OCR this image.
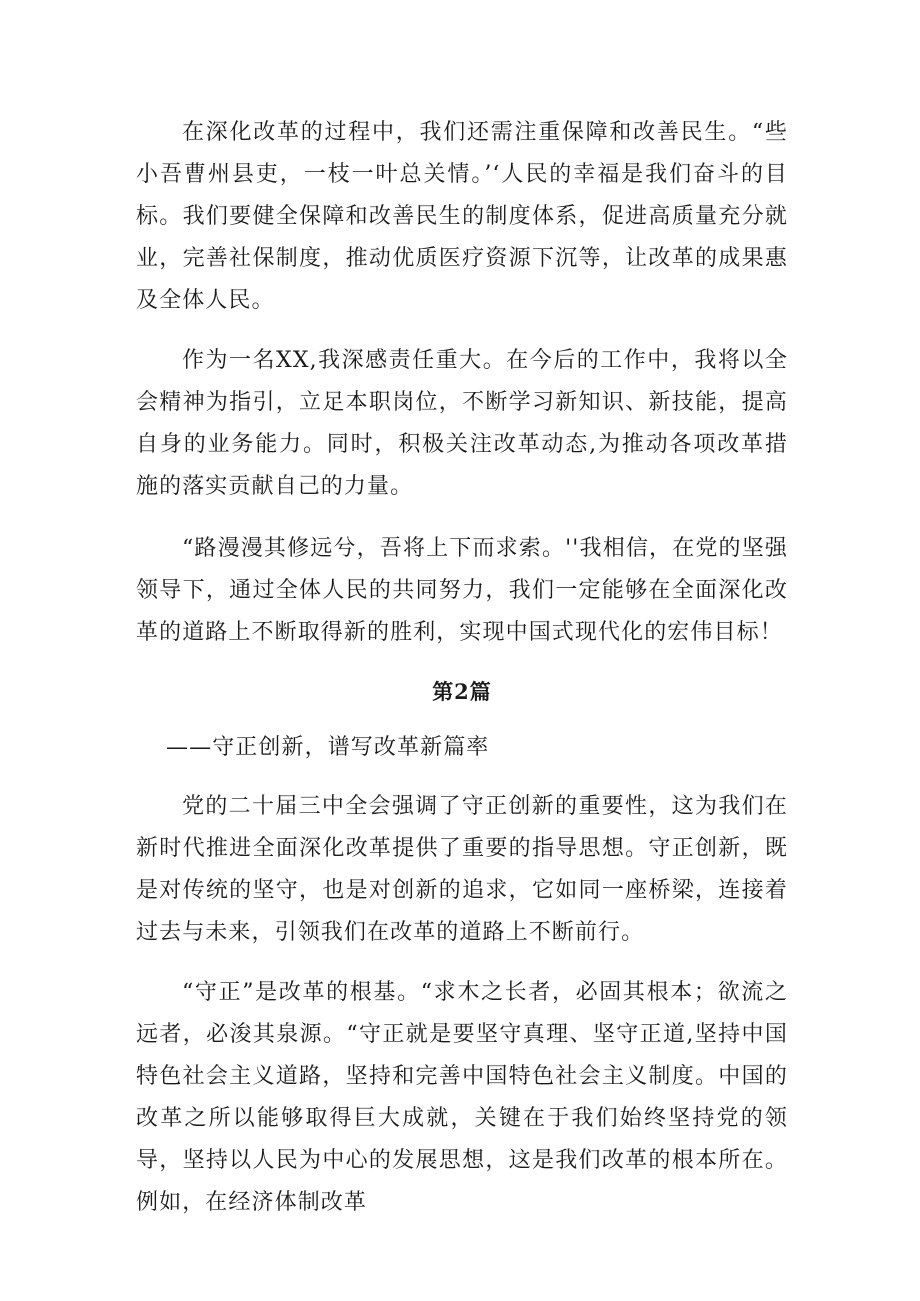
在深化改革的过程中，我们还需注重保障和改善民生。“些小吾曹州县吏，一枝一叶总关情。’‘人民的幸福是我们奋斗的目标。我们要健全保障和改善民生的制度体系，促进高质量充分就业，完善社保制度，推动优质医疗资源下沉等，让改革的成果惠及全体人民。

作为一名XX,我深感责任重大。在今后的工作中，我将以全会精神为指引，立足本职岗位，不断学习新知识、新技能，提高自身的业务能力。同时，积极关注改革动态,为推动各项改革措施的落实贡献自己的力量。

“路漫漫其修远兮，吾将上下而求索。''我相信，在党的坚强领导下，通过全体人民的共同努力，我们一定能够在全面深化改革的道路上不断取得新的胜利，实现中国式现代化的宏伟目标！

第2篇

——守正创新，谱写改革新篇率

党的二十届三中全会强调了守正创新的重要性，这为我们在新时代推进全面深化改革提供了重要的指导思想。守正创新，既是对传统的坚守，也是对创新的追求，它如同一座桥梁，连接着过去与未来，引领我们在改革的道路上不断前行。

“守正”是改革的根基。“求木之长者，必固其根本；欲流之远者，必浚其泉源。“守正就是要坚守真理、坚守正道,坚持中国特色社会主义道路，坚持和完善中国特色社会主义制度。中国的改革之所以能够取得巨大成就，关键在于我们始终坚持党的领导，坚持以人民为中心的发展思想，这是我们改革的根本所在。例如，在经济体制改革
